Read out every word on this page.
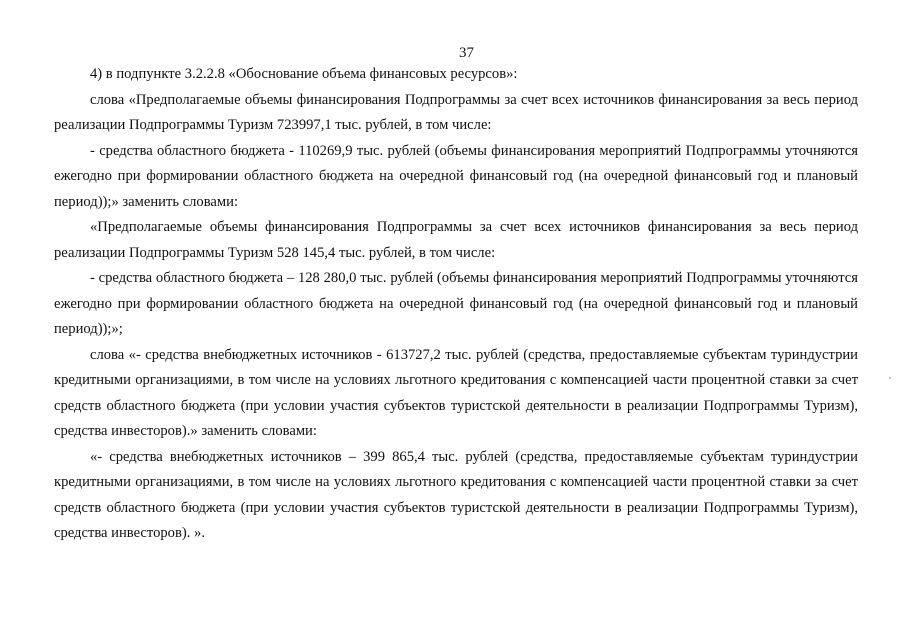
37

4) в подпункте 3.2.2.8 «Обоснование объема финансовых ресурсов»:

слова «Предполагаемые объемы финансирования Подпрограммы за счет всех источников финансирования за весь период реализации Подпрограммы Туризм 723997,1 тыс. рублей, в том числе:

- средства областного бюджета - 110269,9 тыс. рублей (объемы финансирования мероприятий Подпрограммы уточняются ежегодно при формировании областного бюджета на очередной финансовый год (на очередной финансовый год и плановый период));» заменить словами:

«Предполагаемые объемы финансирования Подпрограммы за счет всех источников финансирования за весь период реализации Подпрограммы Туризм 528 145,4 тыс. рублей, в том числе:

- средства областного бюджета – 128 280,0 тыс. рублей (объемы финансирования мероприятий Подпрограммы уточняются ежегодно при формировании областного бюджета на очередной финансовый год (на очередной финансовый год и плановый период));»;

слова «- средства внебюджетных источников - 613727,2 тыс. рублей (средства, предоставляемые субъектам туриндустрии кредитными организациями, в том числе на условиях льготного кредитования с компенсацией части процентной ставки за счет средств областного бюджета (при условии участия субъектов туристской деятельности в реализации Подпрограммы Туризм), средства инвесторов).» заменить словами:

«- средства внебюджетных источников – 399 865,4 тыс. рублей (средства, предоставляемые субъектам туриндустрии кредитными организациями, в том числе на условиях льготного кредитования с компенсацией части процентной ставки за счет средств областного бюджета (при условии участия субъектов туристской деятельности в реализации Подпрограммы Туризм), средства инвесторов). ».
